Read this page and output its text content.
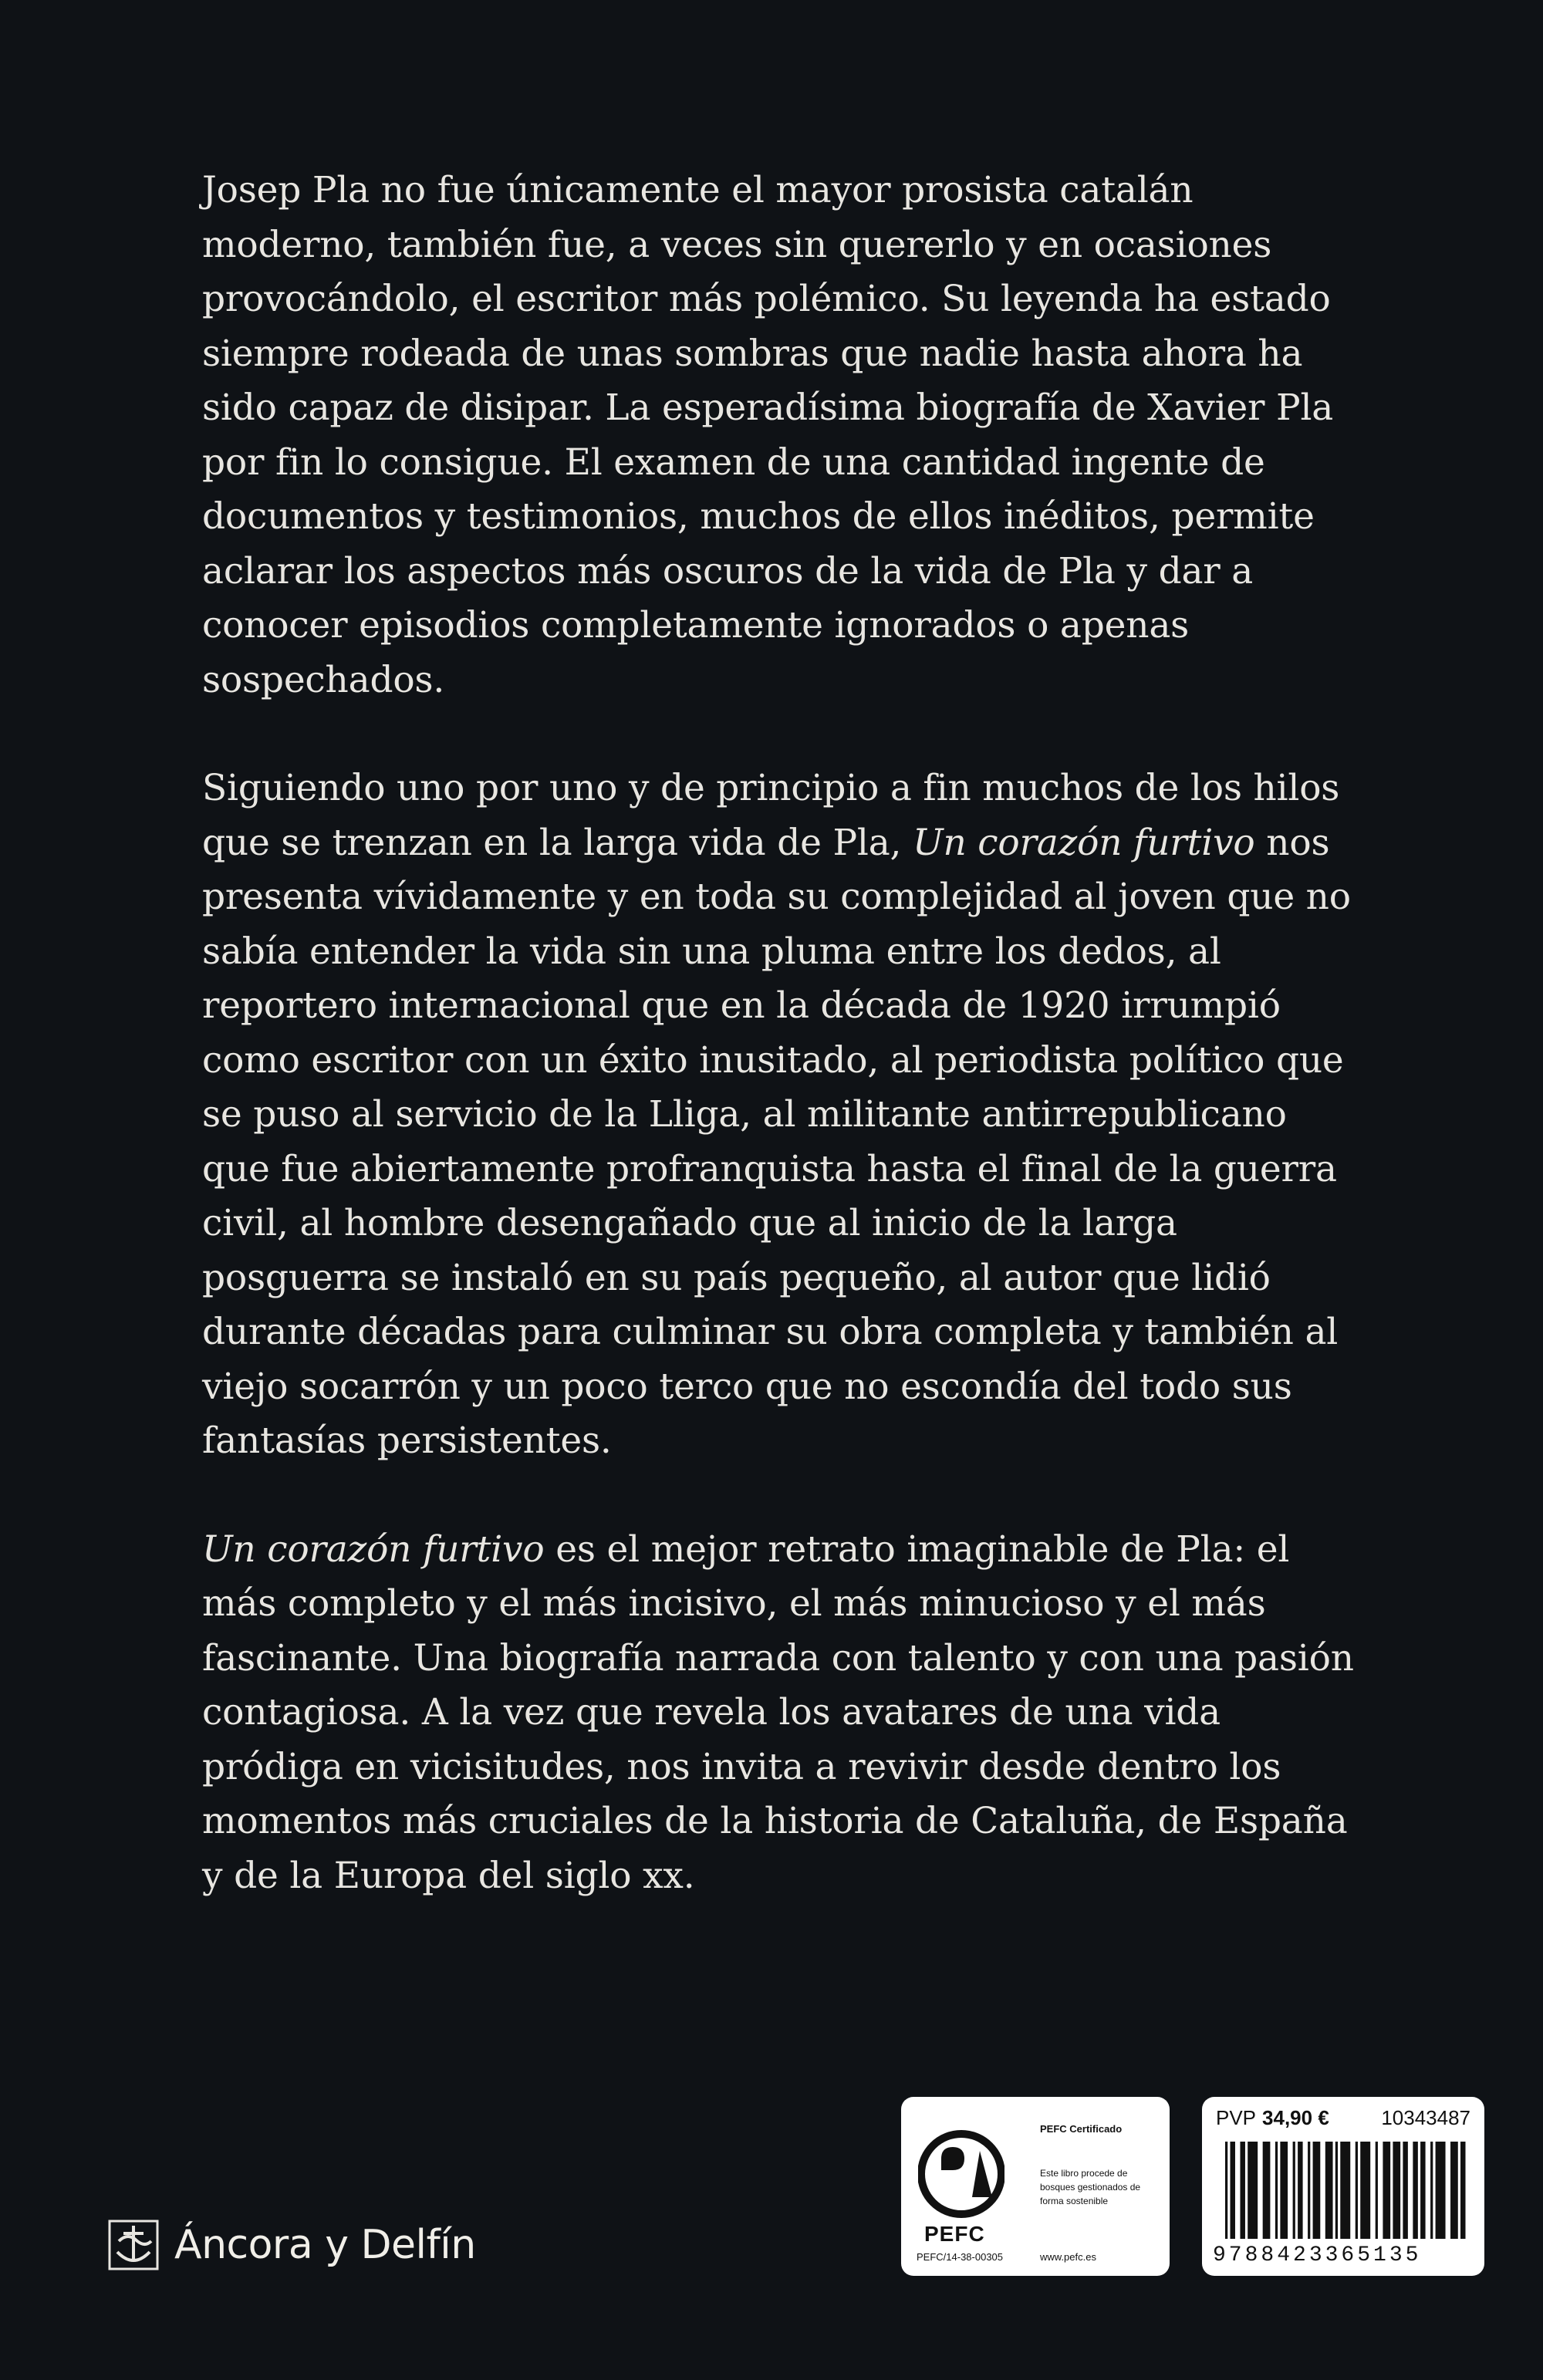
Josep Pla no fue únicamente el mayor prosista catalán moderno, también fue, a veces sin quererlo y en ocasiones provocándolo, el escritor más polémico. Su leyenda ha estado siempre rodeada de unas sombras que nadie hasta ahora ha sido capaz de disipar. La esperadísima biografía de Xavier Pla por fin lo consigue. El examen de una cantidad ingente de documentos y testimonios, muchos de ellos inéditos, permite aclarar los aspectos más oscuros de la vida de Pla y dar a conocer episodios completamente ignorados o apenas sospechados.

Siguiendo uno por uno y de principio a fin muchos de los hilos que se trenzan en la larga vida de Pla, Un corazón furtivo nos presenta vívidamente y en toda su complejidad al joven que no sabía entender la vida sin una pluma entre los dedos, al reportero internacional que en la década de 1920 irrumpió como escritor con un éxito inusitado, al periodista político que se puso al servicio de la Lliga, al militante antirrepublicano que fue abiertamente profranquista hasta el final de la guerra civil, al hombre desengañado que al inicio de la larga posguerra se instaló en su país pequeño, al autor que lidió durante décadas para culminar su obra completa y también al viejo socarrón y un poco terco que no escondía del todo sus fantasías persistentes.

Un corazón furtivo es el mejor retrato imaginable de Pla: el más completo y el más incisivo, el más minucioso y el más fascinante. Una biografía narrada con talento y con una pasión contagiosa. A la vez que revela los avatares de una vida pródiga en vicisitudes, nos invita a revivir desde dentro los momentos más cruciales de la historia de Cataluña, de España y de la Europa del siglo xx.

Áncora y Delfín	PEFC
PEFC/14-38-00305
PEFC Certificado
Este libro procede de bosques gestionados de forma sostenible
www.pefc.es
PVP 34,90 €	10343487
9788423365135
